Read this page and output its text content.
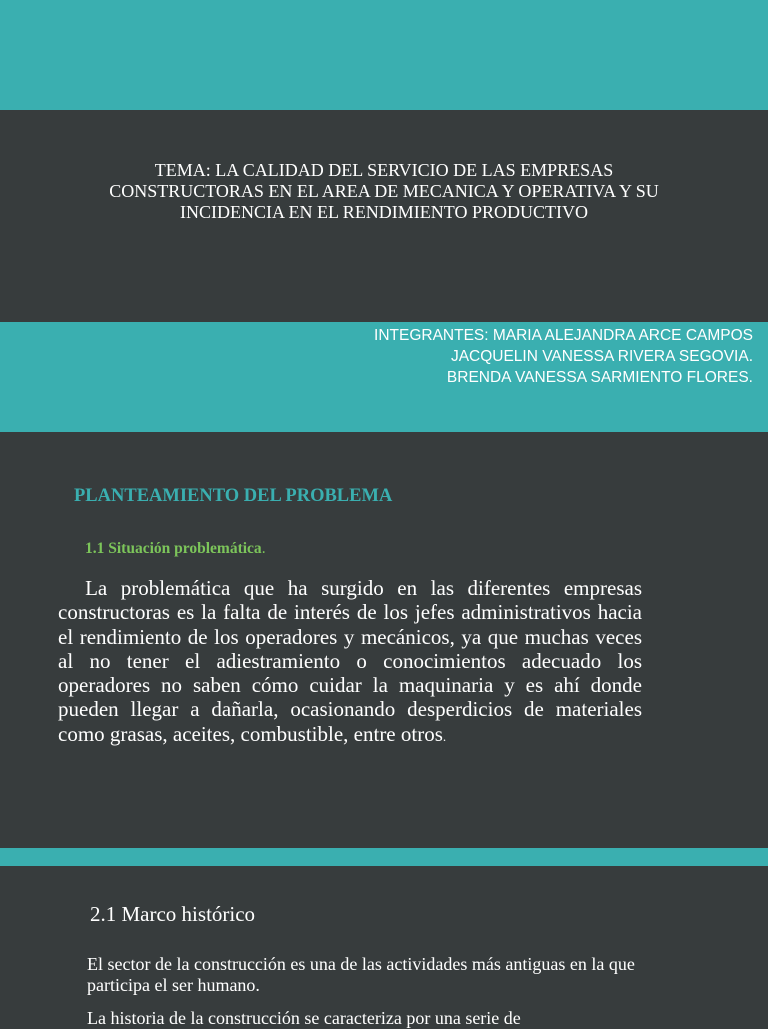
TEMA: LA CALIDAD DEL SERVICIO DE LAS EMPRESAS
CONSTRUCTORAS EN EL AREA DE MECANICA Y OPERATIVA Y SU
INCIDENCIA EN EL RENDIMIENTO PRODUCTIVO
INTEGRANTES: MARIA ALEJANDRA ARCE CAMPOS
JACQUELIN VANESSA RIVERA SEGOVIA.
BRENDA VANESSA SARMIENTO FLORES.
PLANTEAMIENTO DEL PROBLEMA
1.1 Situación problemática.
La problemática que ha surgido en las diferentes empresas constructoras es la falta de interés de los jefes administrativos hacia el rendimiento de los operadores y mecánicos, ya que muchas veces al no tener el adiestramiento o conocimientos adecuado los operadores no saben cómo cuidar la maquinaria y es ahí donde pueden llegar a dañarla, ocasionando desperdicios de materiales como grasas, aceites, combustible, entre otros.
2.1 Marco histórico
El sector de la construcción es una de las actividades más antiguas en la que participa el ser humano.
La historia de la construcción se caracteriza por una serie de
